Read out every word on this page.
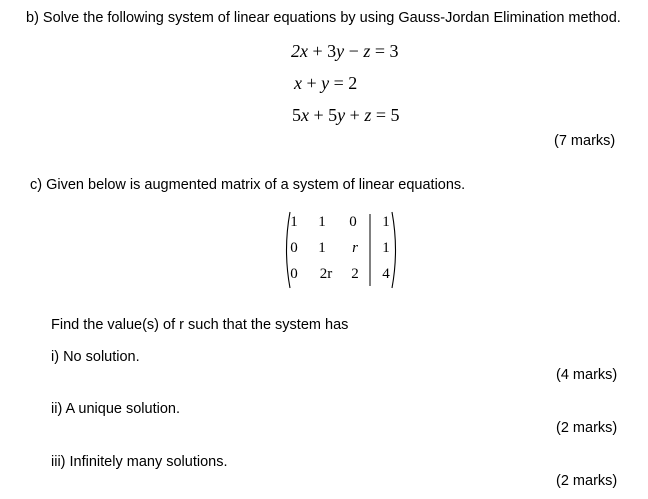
b) Solve the following system of linear equations by using Gauss-Jordan Elimination method.
2x + 3y − z = 3
x + y = 2
5x + 5y + z = 5
(7 marks)
c) Given below is augmented matrix of a system of linear equations.
1	1	0	1
0	1	r	1
0	2r	2	4
Find the value(s) of r such that the system has
i) No solution.
(4 marks)
ii) A unique solution.
(2 marks)
iii) Infinitely many solutions.
(2 marks)
